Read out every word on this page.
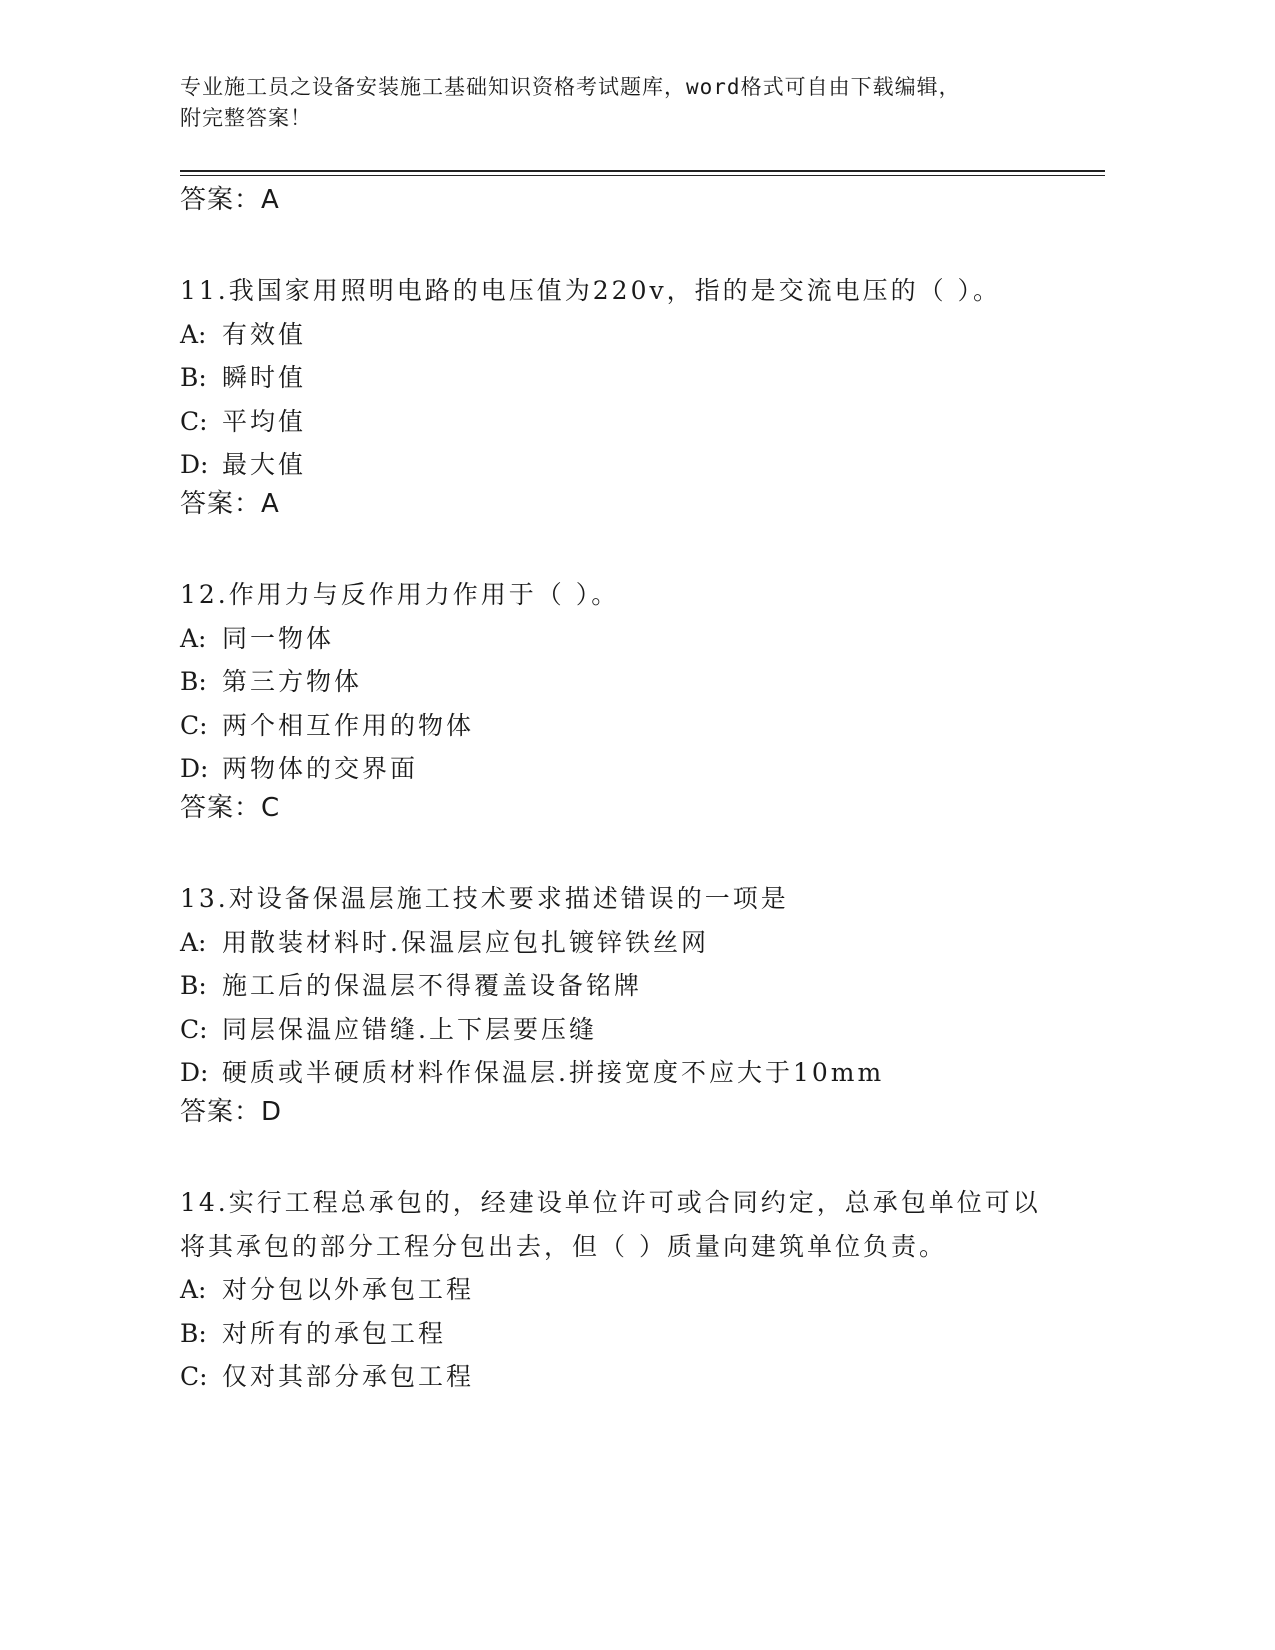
专业施工员之设备安装施工基础知识资格考试题库，word格式可自由下载编辑，
附完整答案！
答案：A
11.我国家用照明电路的电压值为220v，指的是交流电压的（ ）。
A: 有效值
B: 瞬时值
C: 平均值
D: 最大值
答案：A
12.作用力与反作用力作用于（ ）。
A: 同一物体
B: 第三方物体
C: 两个相互作用的物体
D: 两物体的交界面
答案：C
13.对设备保温层施工技术要求描述错误的一项是
A: 用散装材料时.保温层应包扎镀锌铁丝网
B: 施工后的保温层不得覆盖设备铭牌
C: 同层保温应错缝.上下层要压缝
D: 硬质或半硬质材料作保温层.拼接宽度不应大于10mm
答案：D
14.实行工程总承包的，经建设单位许可或合同约定，总承包单位可以
将其承包的部分工程分包出去，但（ ）质量向建筑单位负责。
A: 对分包以外承包工程
B: 对所有的承包工程
C: 仅对其部分承包工程
